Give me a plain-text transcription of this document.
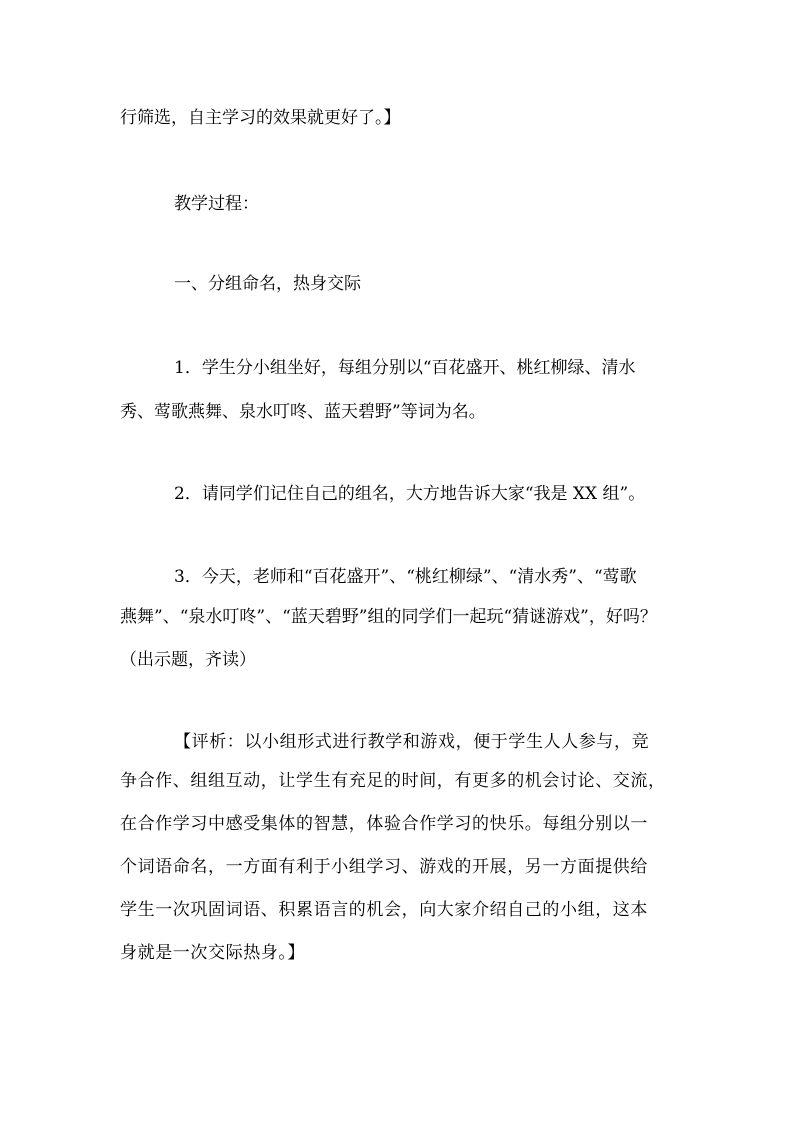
行筛选，自主学习的效果就更好了。】
教学过程：
一、分组命名，热身交际
1．学生分小组坐好，每组分别以“百花盛开、桃红柳绿、清水
秀、莺歌燕舞、泉水叮咚、蓝天碧野”等词为名。
2．请同学们记住自己的组名，大方地告诉大家“我是 XX 组”。
3．今天，老师和“百花盛开”、“桃红柳绿”、“清水秀”、“莺歌
燕舞”、“泉水叮咚”、“蓝天碧野”组的同学们一起玩“猜谜游戏”，好吗？
（出示题，齐读）
【评析：以小组形式进行教学和游戏，便于学生人人参与，竞
争合作、组组互动，让学生有充足的时间，有更多的机会讨论、交流，
在合作学习中感受集体的智慧，体验合作学习的快乐。每组分别以一
个词语命名，一方面有利于小组学习、游戏的开展，另一方面提供给
学生一次巩固词语、积累语言的机会，向大家介绍自己的小组，这本
身就是一次交际热身。】
